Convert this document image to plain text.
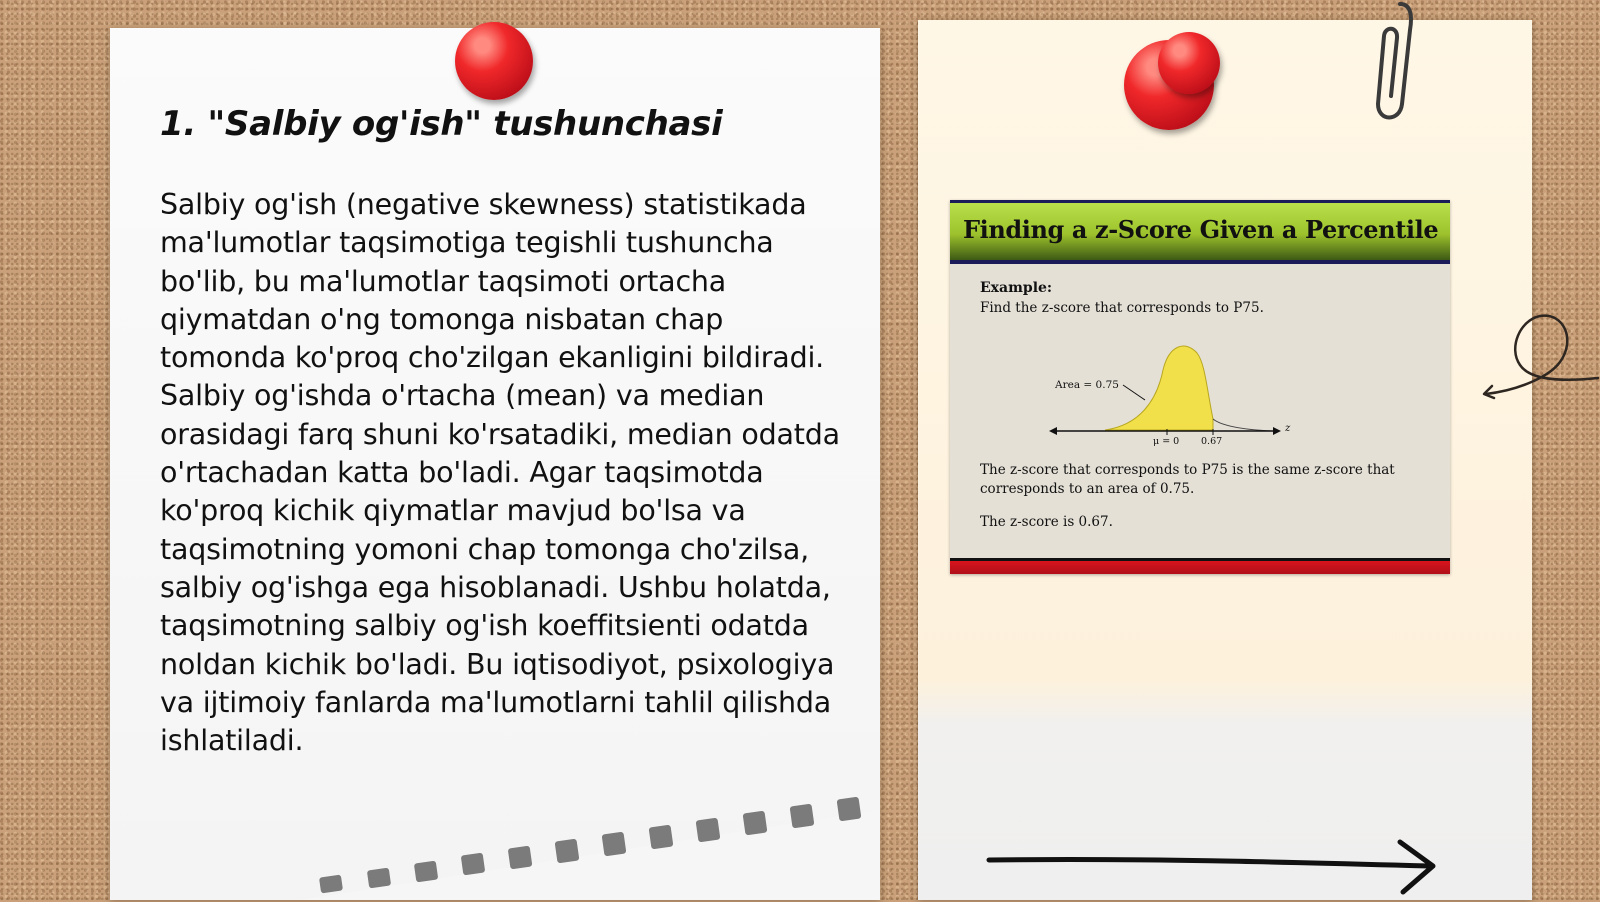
1. "Salbiy og'ish" tushunchasi

Salbiy og'ish (negative skewness) statistikada ma'lumotlar taqsimotiga tegishli tushuncha bo'lib, bu ma'lumotlar taqsimoti ortacha qiymatdan o'ng tomonga nisbatan chap tomonda ko'proq cho'zilgan ekanligini bildiradi. Salbiy og'ishda o'rtacha (mean) va median orasidagi farq shuni ko'rsatadiki, median odatda o'rtachadan katta bo'ladi. Agar taqsimotda ko'proq kichik qiymatlar mavjud bo'lsa va taqsimotning yomoni chap tomonga cho'zilsa, salbiy og'ishga ega hisoblanadi. Ushbu holatda, taqsimotning salbiy og'ish koeffitsienti odatda noldan kichik bo'ladi. Bu iqtisodiyot, psixologiya va ijtimoiy fanlarda ma'lumotlarni tahlil qilishda ishlatiladi.

Finding a z-Score Given a Percentile
Example:
Find the z-score that corresponds to P75.
Area = 0.75
μ = 0 0.67
z
The z-score that corresponds to P75 is the same z-score that
corresponds to an area of 0.75.
The z-score is 0.67.
